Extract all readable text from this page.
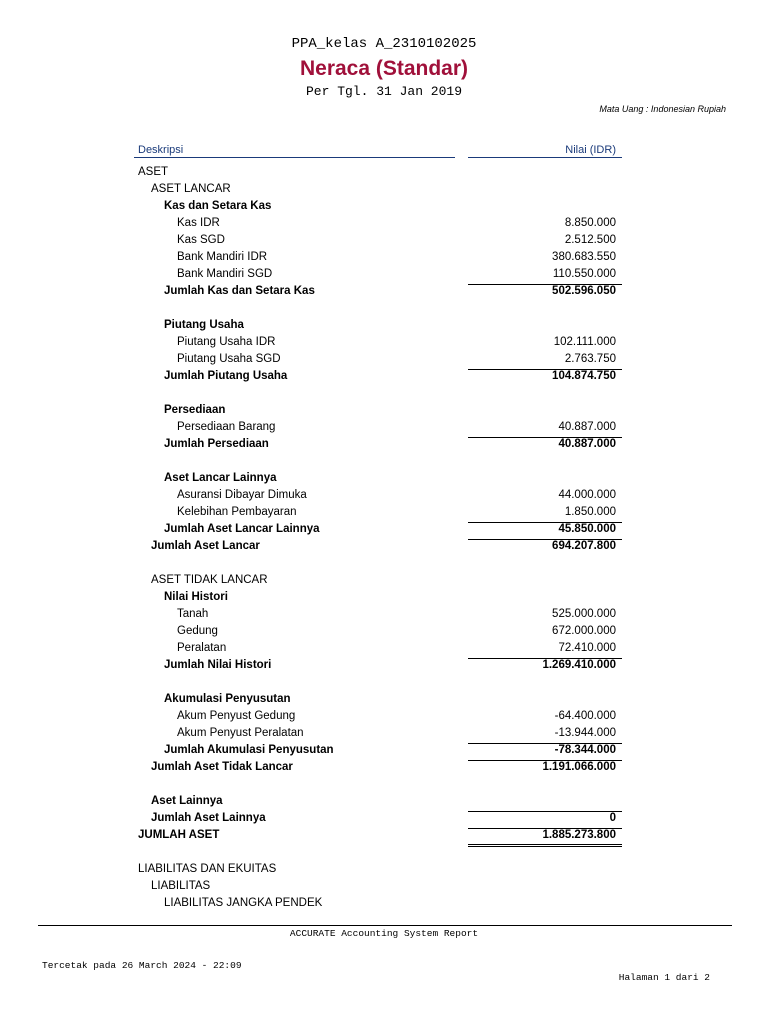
PPA_kelas A_2310102025
Neraca (Standar)
Per Tgl. 31 Jan 2019
Mata Uang : Indonesian Rupiah
Deskripsi	Nilai (IDR)
ASET
ASET LANCAR
Kas dan Setara Kas
Kas IDR	8.850.000
Kas SGD	2.512.500
Bank Mandiri IDR	380.683.550
Bank Mandiri SGD	110.550.000
Jumlah Kas dan Setara Kas	502.596.050
Piutang Usaha
Piutang Usaha IDR	102.111.000
Piutang Usaha SGD	2.763.750
Jumlah Piutang Usaha	104.874.750
Persediaan
Persediaan Barang	40.887.000
Jumlah Persediaan	40.887.000
Aset Lancar Lainnya
Asuransi Dibayar Dimuka	44.000.000
Kelebihan Pembayaran	1.850.000
Jumlah Aset Lancar Lainnya	45.850.000
Jumlah Aset Lancar	694.207.800
ASET TIDAK LANCAR
Nilai Histori
Tanah	525.000.000
Gedung	672.000.000
Peralatan	72.410.000
Jumlah Nilai Histori	1.269.410.000
Akumulasi Penyusutan
Akum Penyust Gedung	-64.400.000
Akum Penyust Peralatan	-13.944.000
Jumlah Akumulasi Penyusutan	-78.344.000
Jumlah Aset Tidak Lancar	1.191.066.000
Aset Lainnya
Jumlah Aset Lainnya	0
JUMLAH ASET	1.885.273.800
LIABILITAS DAN EKUITAS
LIABILITAS
LIABILITAS JANGKA PENDEK
ACCURATE Accounting System Report
Tercetak pada 26 March 2024 - 22:09
Halaman 1 dari 2
